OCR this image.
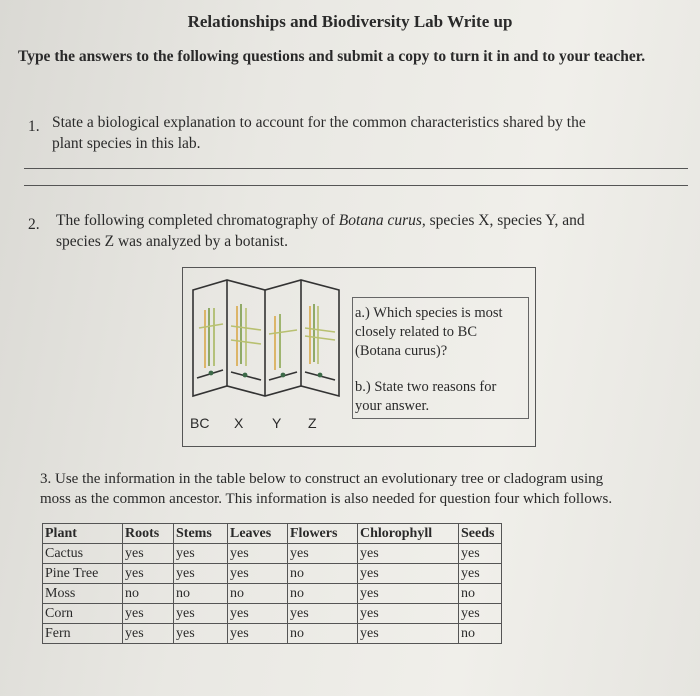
Relationships and Biodiversity Lab Write up
Type the answers to the following questions and submit a copy to turn it in and to your teacher.
1. State a biological explanation to account for the common characteristics shared by the
plant species in this lab.
2. The following completed chromatography of Botana curus, species X, species Y, and
species Z was analyzed by a botanist.
BC X Y Z
a.) Which species is most
closely related to BC
(Botana curus)?
b.) State two reasons for
your answer.
3. Use the information in the table below to construct an evolutionary tree or cladogram using
moss as the common ancestor. This information is also needed for question four which follows.
Plant	Roots	Stems	Leaves	Flowers	Chlorophyll	Seeds
Cactus	yes	yes	yes	yes	yes	yes
Pine Tree	yes	yes	yes	no	yes	yes
Moss	no	no	no	no	yes	no
Corn	yes	yes	yes	yes	yes	yes
Fern	yes	yes	yes	no	yes	no
